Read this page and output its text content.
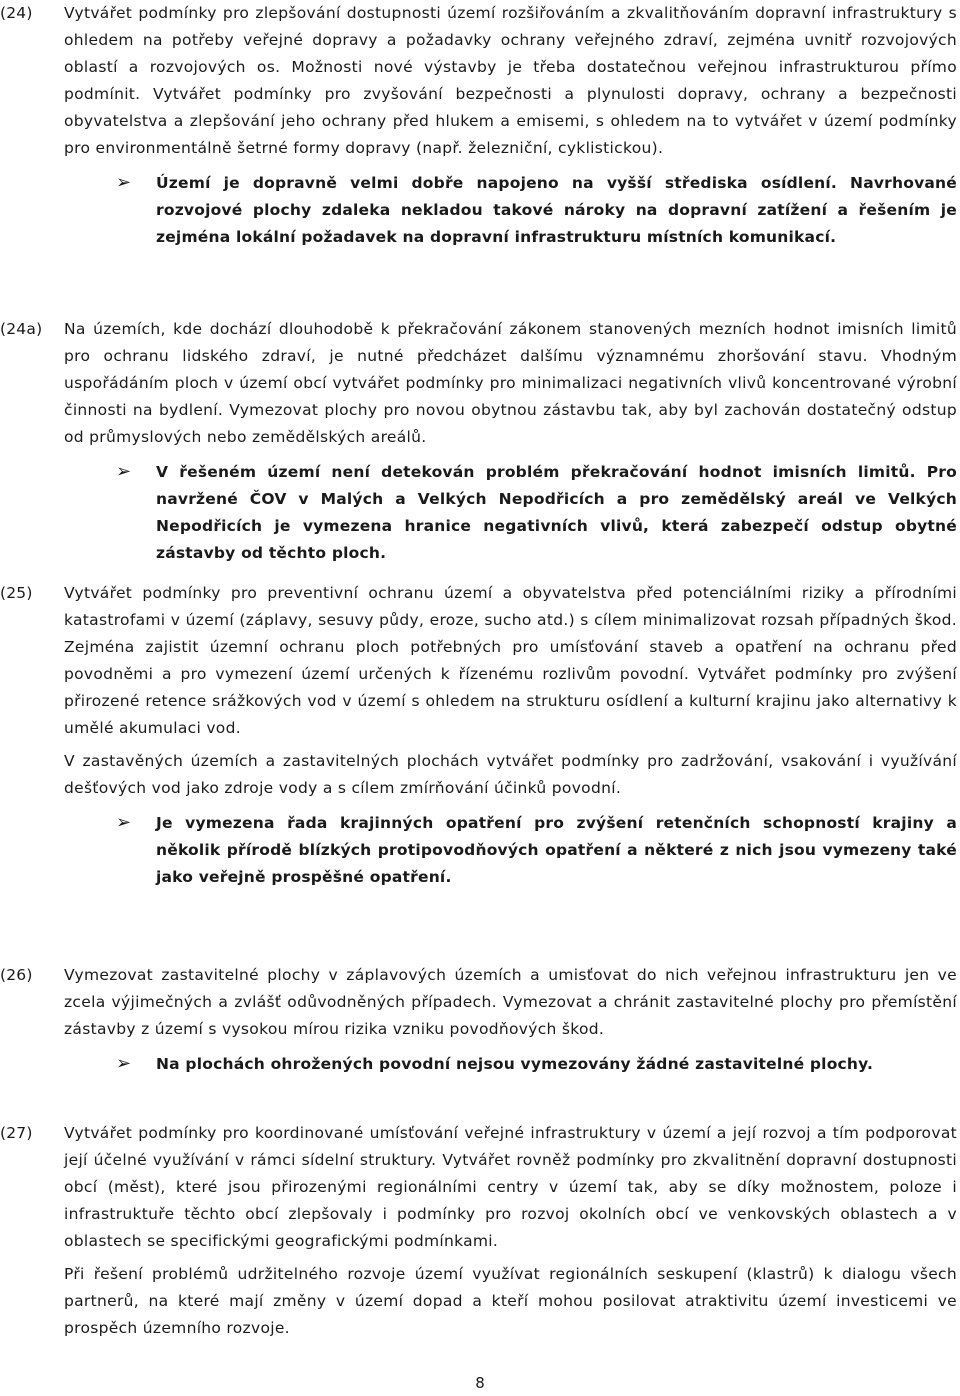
(24)	Vytvářet podmínky pro zlepšování dostupnosti území rozšiřováním a zkvalitňováním dopravní infrastruktury s ohledem na potřeby veřejné dopravy a požadavky ochrany veřejného zdraví, zejména uvnitř rozvojových oblastí a rozvojových os. Možnosti nové výstavby je třeba dostatečnou veřejnou infrastrukturou přímo podmínit. Vytvářet podmínky pro zvyšování bezpečnosti a plynulosti dopravy, ochrany a bezpečnosti obyvatelstva a zlepšování jeho ochrany před hlukem a emisemi, s ohledem na to vytvářet v území podmínky pro environmentálně šetrné formy dopravy (např. železniční, cyklistickou).

➢	Území je dopravně velmi dobře napojeno na vyšší střediska osídlení. Navrhované rozvojové plochy zdaleka nekladou takové nároky na dopravní zatížení a řešením je zejména lokální požadavek na dopravní infrastrukturu místních komunikací.
(24a)	Na územích, kde dochází dlouhodobě k překračování zákonem stanovených mezních hodnot imisních limitů pro ochranu lidského zdraví, je nutné předcházet dalšímu významnému zhoršování stavu. Vhodným uspořádáním ploch v území obcí vytvářet podmínky pro minimalizaci negativních vlivů koncentrované výrobní činnosti na bydlení. Vymezovat plochy pro novou obytnou zástavbu tak, aby byl zachován dostatečný odstup od průmyslových nebo zemědělských areálů.

➢	V řešeném území není detekován problém překračování hodnot imisních limitů. Pro navržené ČOV v Malých a Velkých Nepodřicích a pro zemědělský areál ve Velkých Nepodřicích je vymezena hranice negativních vlivů, která zabezpečí odstup obytné zástavby od těchto ploch.
(25)	Vytvářet podmínky pro preventivní ochranu území a obyvatelstva před potenciálními riziky a přírodními katastrofami v území (záplavy, sesuvy půdy, eroze, sucho atd.) s cílem minimalizovat rozsah případných škod. Zejména zajistit územní ochranu ploch potřebných pro umísťování staveb a opatření na ochranu před povodněmi a pro vymezení území určených k řízenému rozlivům povodní. Vytvářet podmínky pro zvýšení přirozené retence srážkových vod v území s ohledem na strukturu osídlení a kulturní krajinu jako alternativy k umělé akumulaci vod.

V zastavěných územích a zastavitelných plochách vytvářet podmínky pro zadržování, vsakování i využívání dešťových vod jako zdroje vody a s cílem zmírňování účinků povodní.

➢	Je vymezena řada krajinných opatření pro zvýšení retenčních schopností krajiny a několik přírodě blízkých protipovodňových opatření a některé z nich jsou vymezeny také jako veřejně prospěšné opatření.
(26)	Vymezovat zastavitelné plochy v záplavových územích a umisťovat do nich veřejnou infrastrukturu jen ve zcela výjimečných a zvlášť odůvodněných případech. Vymezovat a chránit zastavitelné plochy pro přemístění zástavby z území s vysokou mírou rizika vzniku povodňových škod.

➢	Na plochách ohrožených povodní nejsou vymezovány žádné zastavitelné plochy.
(27)	Vytvářet podmínky pro koordinované umísťování veřejné infrastruktury v území a její rozvoj a tím podporovat její účelné využívání v rámci sídelní struktury. Vytvářet rovněž podmínky pro zkvalitnění dopravní dostupnosti obcí (měst), které jsou přirozenými regionálními centry v území tak, aby se díky možnostem, poloze i infrastruktuře těchto obcí zlepšovaly i podmínky pro rozvoj okolních obcí ve venkovských oblastech a v oblastech se specifickými geografickými podmínkami.

Při řešení problémů udržitelného rozvoje území využívat regionálních seskupení (klastrů) k dialogu všech partnerů, na které mají změny v území dopad a kteří mohou posilovat atraktivitu území investicemi ve prospěch územního rozvoje.

8
